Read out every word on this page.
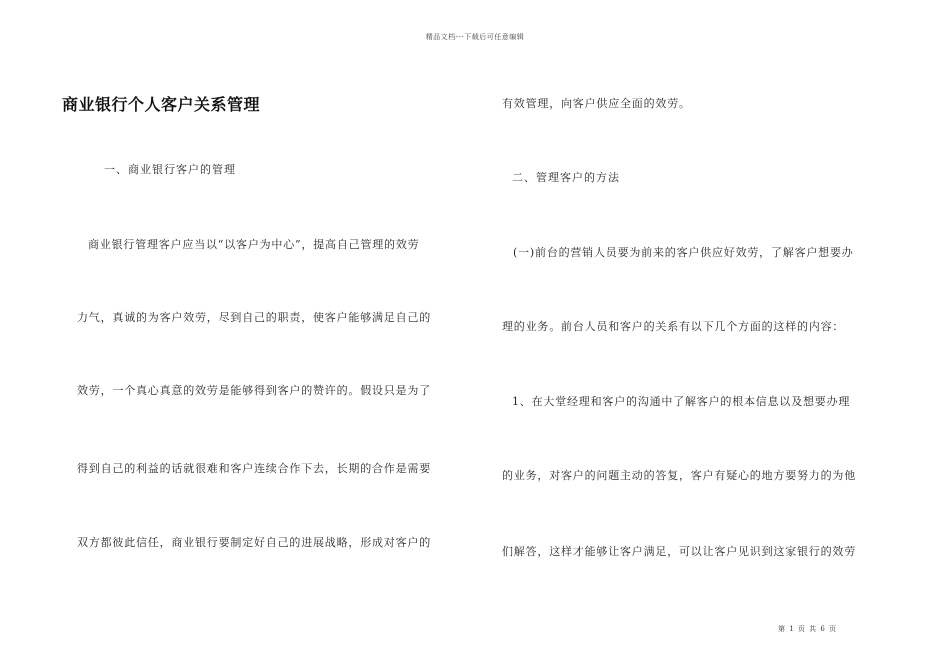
精品文档---下载后可任意编辑
商业银行个人客户关系管理
一、商业银行客户的管理
商业银行管理客户应当以“以客户为中心”，提高自己管理的效劳
力气，真诚的为客户效劳，尽到自己的职责，使客户能够满足自己的
效劳，一个真心真意的效劳是能够得到客户的赞许的。假设只是为了
得到自己的利益的话就很难和客户连续合作下去，长期的合作是需要
双方都彼此信任，商业银行要制定好自己的进展战略，形成对客户的
有效管理，向客户供应全面的效劳。
二、管理客户的方法
(一)前台的营销人员要为前来的客户供应好效劳，了解客户想要办
理的业务。前台人员和客户的关系有以下几个方面的这样的内容：
1、在大堂经理和客户的沟通中了解客户的根本信息以及想要办理
的业务，对客户的问题主动的答复，客户有疑心的地方要努力的为他
们解答，这样才能够让客户满足，可以让客户见识到这家银行的效劳
第 1 页 共 6 页
